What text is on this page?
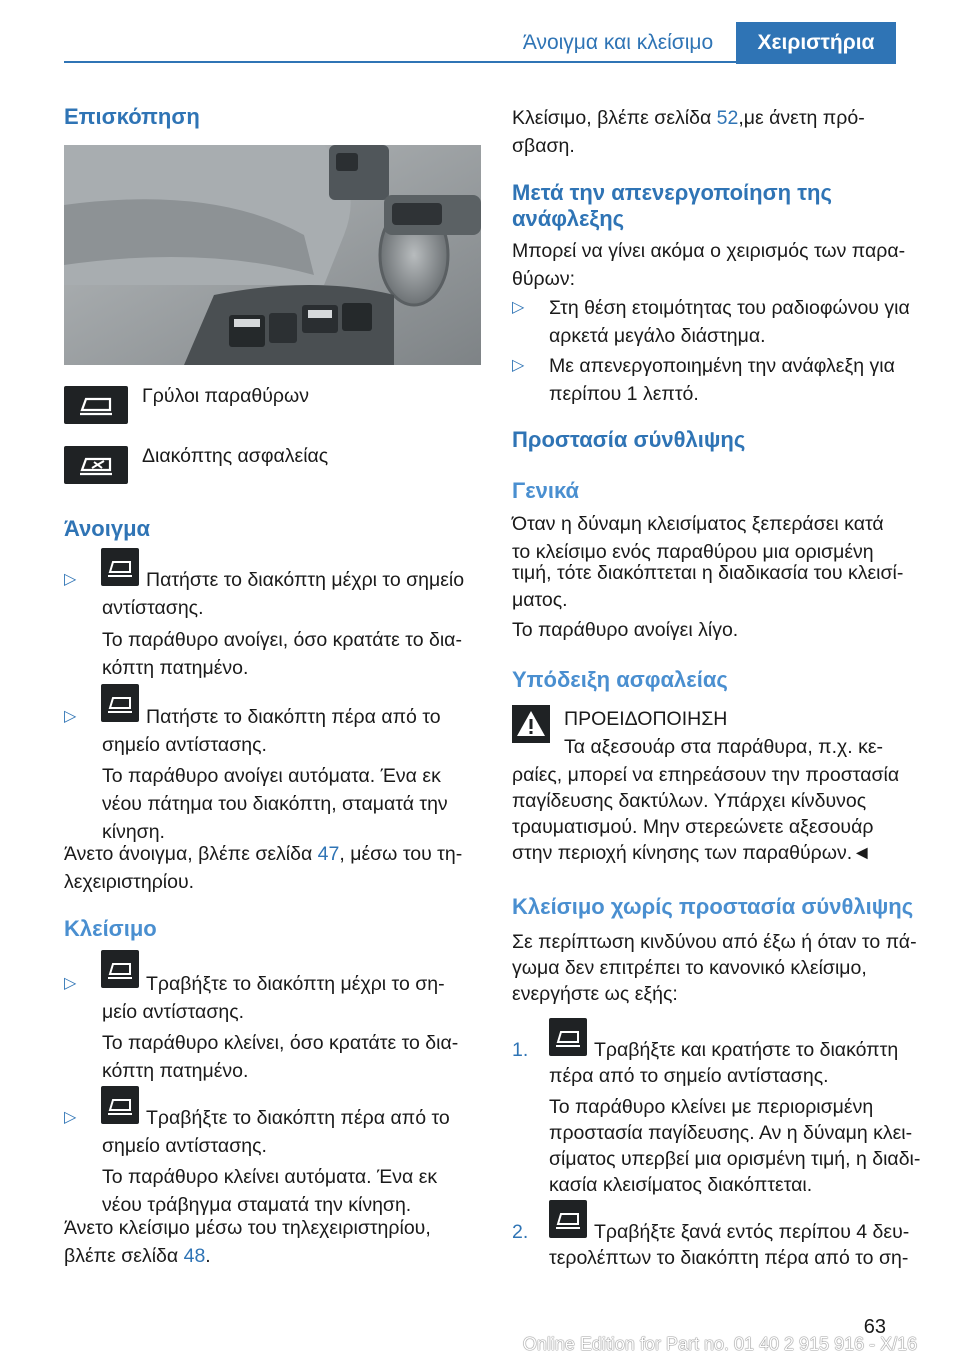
Άνοιγμα και κλείσιμο	Χειριστήρια
Επισκόπηση
Γρύλοι παραθύρων
Διακόπτης ασφαλείας
Άνοιγμα
▷	Πατήστε το διακόπτη μέχρι το σημείο
αντίστασης.
Το παράθυρο ανοίγει, όσο κρατάτε το δια-
κόπτη πατημένο.
▷	Πατήστε το διακόπτη πέρα από το
σημείο αντίστασης.
Το παράθυρο ανοίγει αυτόματα. Ένα εκ
νέου πάτημα του διακόπτη, σταματά την
κίνηση.
Άνετο άνοιγμα, βλέπε σελίδα 47, μέσω του τη-
λεχειριστηρίου.
Κλείσιμο
▷	Τραβήξτε το διακόπτη μέχρι το ση-
μείο αντίστασης.
Το παράθυρο κλείνει, όσο κρατάτε το δια-
κόπτη πατημένο.
▷	Τραβήξτε το διακόπτη πέρα από το
σημείο αντίστασης.
Το παράθυρο κλείνει αυτόματα. Ένα εκ
νέου τράβηγμα σταματά την κίνηση.
Άνετο κλείσιμο μέσω του τηλεχειριστηρίου,
βλέπε σελίδα 48.
Κλείσιμο, βλέπε σελίδα 52,με άνετη πρό-
σβαση.
Μετά την απενεργοποίηση της
ανάφλεξης
Μπορεί να γίνει ακόμα ο χειρισμός των παρα-
θύρων:
▷ Στη θέση ετοιμότητας του ραδιοφώνου για
αρκετά μεγάλο διάστημα.
▷ Με απενεργοποιημένη την ανάφλεξη για
περίπου 1 λεπτό.
Προστασία σύνθλιψης
Γενικά
Όταν η δύναμη κλεισίματος ξεπεράσει κατά
το κλείσιμο ενός παραθύρου μια ορισμένη
τιμή, τότε διακόπτεται η διαδικασία του κλεισί-
ματος.
Το παράθυρο ανοίγει λίγο.
Υπόδειξη ασφαλείας
ΠΡΟΕΙΔΟΠΟΙΗΣΗ
Τα αξεσουάρ στα παράθυρα, π.χ. κε-
ραίες, μπορεί να επηρεάσουν την προστασία
παγίδευσης δακτύλων. Υπάρχει κίνδυνος
τραυματισμού. Μην στερεώνετε αξεσουάρ
στην περιοχή κίνησης των παραθύρων.◄
Κλείσιμο χωρίς προστασία σύνθλιψης
Σε περίπτωση κινδύνου από έξω ή όταν το πά-
γωμα δεν επιτρέπει το κανονικό κλείσιμο,
ενεργήστε ως εξής:
1.	Τραβήξτε και κρατήστε το διακόπτη
πέρα από το σημείο αντίστασης.
Το παράθυρο κλείνει με περιορισμένη
προστασία παγίδευσης. Αν η δύναμη κλει-
σίματος υπερβεί μια ορισμένη τιμή, η διαδι-
κασία κλεισίματος διακόπτεται.
2.	Τραβήξτε ξανά εντός περίπου 4 δευ-
τερολέπτων το διακόπτη πέρα από το ση-
63
Online Edition for Part no. 01 40 2 915 916 - X/16
